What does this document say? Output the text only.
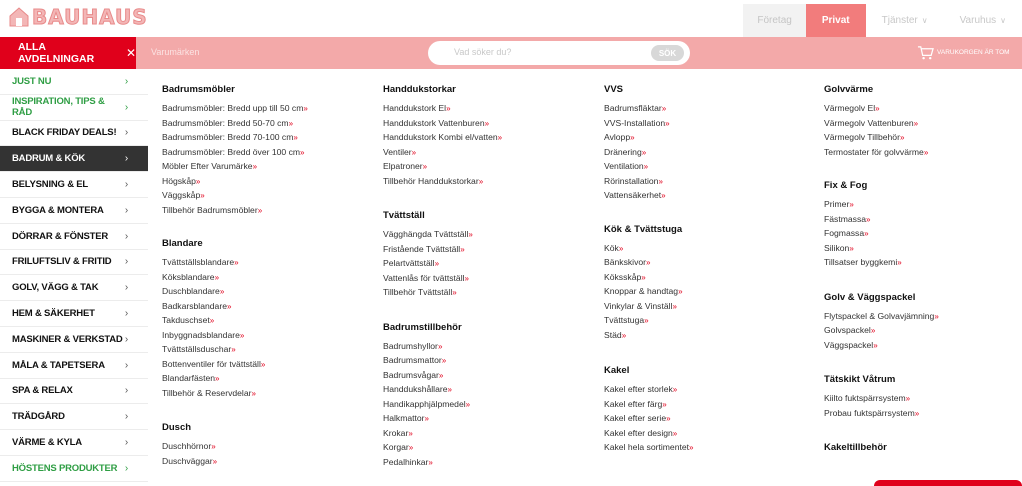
BAUHAUS	Företag	Privat	Tjänster ∨	Varuhus ∨
ALLA AVDELNINGAR	✕ Varumärken	Vad söker du?	SÖK	VARUKORGEN ÄR TOM
JUST NU	›
INSPIRATION, TIPS & RÅD	›
BLACK FRIDAY DEALS! ›
BADRUM & KÖK	›
BELYSNING & EL	›
BYGGA & MONTERA ›
DÖRRAR & FÖNSTER ›
FRILUFTSLIV & FRITID ›
GOLV, VÄGG & TAK	›
HEM & SÄKERHET	›
MASKINER & VERKSTAD ›
MÅLA & TAPETSERA ›
SPA & RELAX	›
TRÄDGÅRD	›
VÄRME & KYLA	›
HÖSTENS PRODUKTER ›
Badrumsmöbler
Badrumsmöbler: Bredd upp till 50 cm»
Badrumsmöbler: Bredd 50-70 cm»
Badrumsmöbler: Bredd 70-100 cm»
Badrumsmöbler: Bredd över 100 cm»
Möbler Efter Varumärke»
Högskåp»
Väggskåp»
Tillbehör Badrumsmöbler»
Blandare
Tvättställsblandare»
Köksblandare»
Duschblandare»
Badkarsblandare»
Takduschset»
Inbyggnadsblandare»
Tvättställsduschar»
Bottenventiler för tvättställ»
Blandarfästen»
Tillbehör & Reservdelar»
Dusch
Duschhörnor»
Duschväggar»
Handdukstorkar
Handdukstork El»
Handdukstork Vattenburen»
Handdukstork Kombi el/vatten»
Ventiler»
Elpatroner»
Tillbehör Handdukstorkar»
Tvättställ
Vägghängda Tvättställ»
Fristående Tvättställ»
Pelartvättställ»
Vattenlås för tvättställ»
Tillbehör Tvättställ»
Badrumstillbehör
Badrumshyllor»
Badrumsmattor»
Badrumsvågar»
Handdukshållare»
Handikapphjälpmedel»
Halkmattor»
Krokar»
Korgar»
Pedalhinkar»
VVS
Badrumsfläktar»
VVS-Installation»
Avlopp»
Dränering»
Ventilation»
Rörinstallation»
Vattensäkerhet»
Kök & Tvättstuga
Kök»
Bänkskivor»
Köksskåp»
Knoppar & handtag»
Vinkylar & Vinställ»
Tvättstuga»
Städ»
Kakel
Kakel efter storlek»
Kakel efter färg»
Kakel efter serie»
Kakel efter design»
Kakel hela sortimentet»
Golvvärme
Värmegolv El»
Värmegolv Vattenburen»
Värmegolv Tillbehör»
Termostater för golvvärme»
Fix & Fog
Primer»
Fästmassa»
Fogmassa»
Silikon»
Tillsatser byggkemi»
Golv & Väggspackel
Flytspackel & Golvavjämning»
Golvspackel»
Väggspackel»
Tätskikt Våtrum
Kiilto fuktspärrsystem»
Probau fuktspärrsystem»
Kakeltillbehör
